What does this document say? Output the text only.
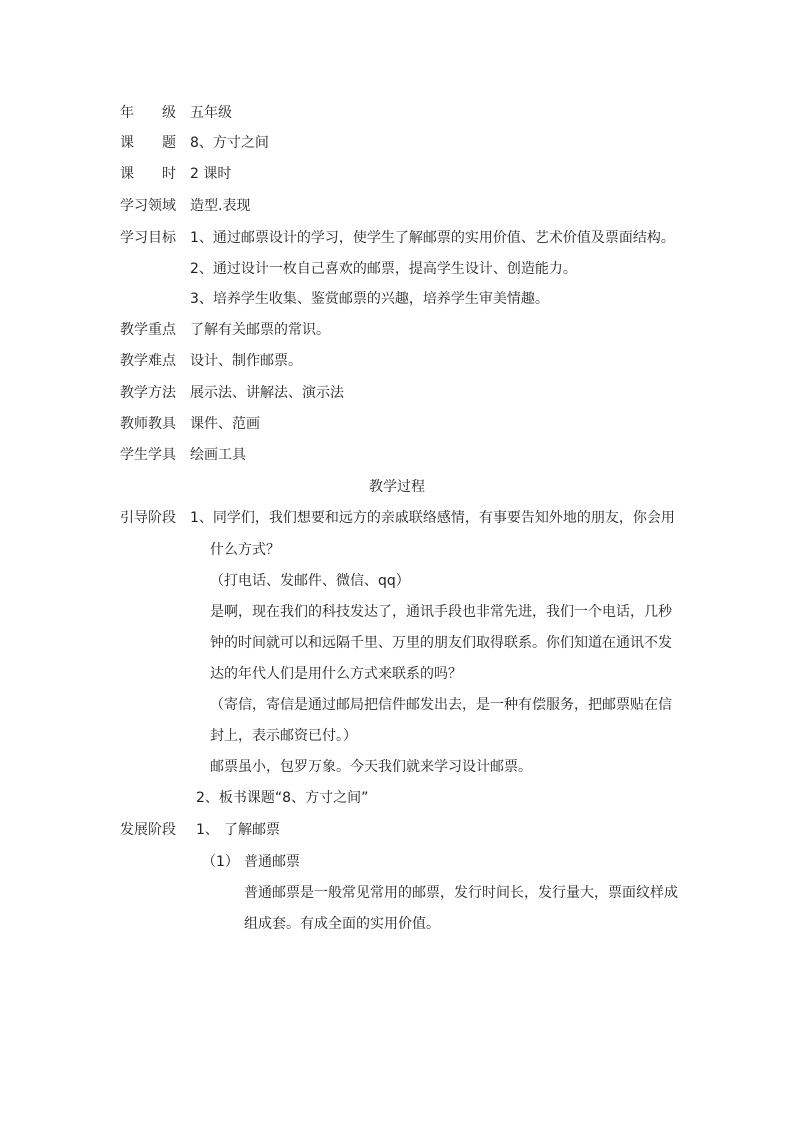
年 级 五年级
课 题 8、方寸之间
课 时 2 课时
学习领域 造型.表现
学习目标 1、通过邮票设计的学习，使学生了解邮票的实用价值、艺术价值及票面结构。
2、通过设计一枚自己喜欢的邮票，提高学生设计、创造能力。
3、培养学生收集、鉴赏邮票的兴趣，培养学生审美情趣。
教学重点 了解有关邮票的常识。
教学难点 设计、制作邮票。
教学方法 展示法、讲解法、演示法
教师教具 课件、范画
学生学具 绘画工具
教学过程
引导阶段 1、同学们，我们想要和远方的亲戚联络感情，有事要告知外地的朋友，你会用
什么方式？
（打电话、发邮件、微信、qq）
是啊，现在我们的科技发达了，通讯手段也非常先进，我们一个电话，几秒
钟的时间就可以和远隔千里、万里的朋友们取得联系。你们知道在通讯不发
达的年代人们是用什么方式来联系的吗？
（寄信，寄信是通过邮局把信件邮发出去，是一种有偿服务，把邮票贴在信
封上，表示邮资已付。）
邮票虽小，包罗万象。今天我们就来学习设计邮票。
2、板书课题“8、方寸之间”
发展阶段 1、 了解邮票
（1） 普通邮票
普通邮票是一般常见常用的邮票，发行时间长，发行量大，票面纹样成
组成套。有成全面的实用价值。
